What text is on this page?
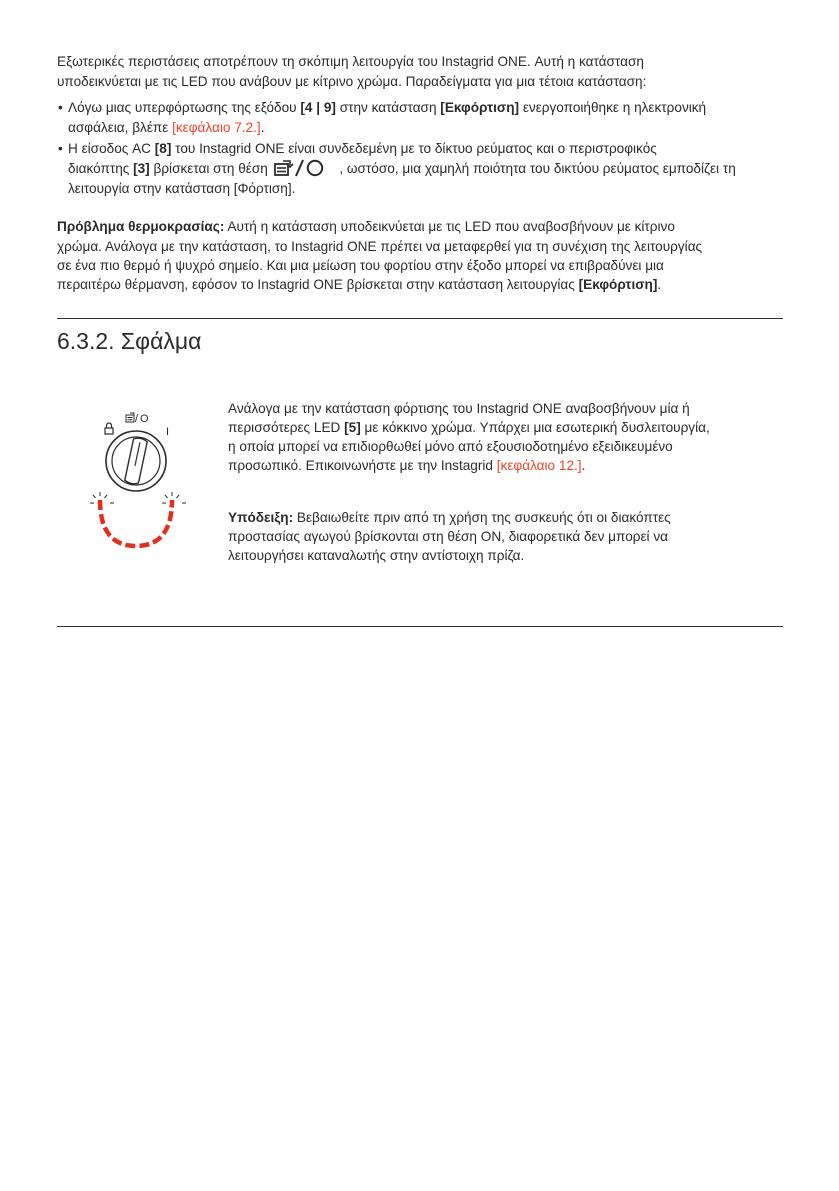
Εξωτερικές περιστάσεις αποτρέπουν τη σκόπιμη λειτουργία του Instagrid ONE. Αυτή η κατάσταση

υποδεικνύεται με τις LED που ανάβουν με κίτρινο χρώμα. Παραδείγματα για μια τέτοια κατάσταση:

• Λόγω μιας υπερφόρτωσης της εξόδου [4 | 9] στην κατάσταση [Εκφόρτιση] ενεργοποιήθηκε η ηλεκτρονική

ασφάλεια, βλέπε [κεφάλαιο 7.2.].

• Η είσοδος AC [8] του Instagrid ONE είναι συνδεδεμένη με το δίκτυο ρεύματος και ο περιστροφικός

διακόπτης [3] βρίσκεται στη θέση	, ωστόσο, μια χαμηλή ποιότητα του δικτύου ρεύματος εμποδίζει τη

λειτουργία στην κατάσταση [Φόρτιση].

Πρόβλημα θερμοκρασίας: Αυτή η κατάσταση υποδεικνύεται με τις LED που αναβοσβήνουν με κίτρινο

χρώμα. Ανάλογα με την κατάσταση, το Instagrid ONE πρέπει να μεταφερθεί για τη συνέχιση της λειτουργίας

σε ένα πιο θερμό ή ψυχρό σημείο. Και μια μείωση του φορτίου στην έξοδο μπορεί να επιβραδύνει μια

περαιτέρω θέρμανση, εφόσον το Instagrid ONE βρίσκεται στην κατάσταση λειτουργίας [Εκφόρτιση].

6.3.2. Σφάλμα
/ O
I

Ανάλογα με την κατάσταση φόρτισης του Instagrid ONE αναβοσβήνουν μία ή

περισσότερες LED [5] με κόκκινο χρώμα. Υπάρχει μια εσωτερική δυσλειτουργία,

η οποία μπορεί να επιδιορθωθεί μόνο από εξουσιοδοτημένο εξειδικευμένο

προσωπικό. Επικοινωνήστε με την Instagrid [κεφάλαιο 12.].

Υπόδειξη: Βεβαιωθείτε πριν από τη χρήση της συσκευής ότι οι διακόπτες

προστασίας αγωγού βρίσκονται στη θέση ON, διαφορετικά δεν μπορεί να

λειτουργήσει καταναλωτής στην αντίστοιχη πρίζα.
